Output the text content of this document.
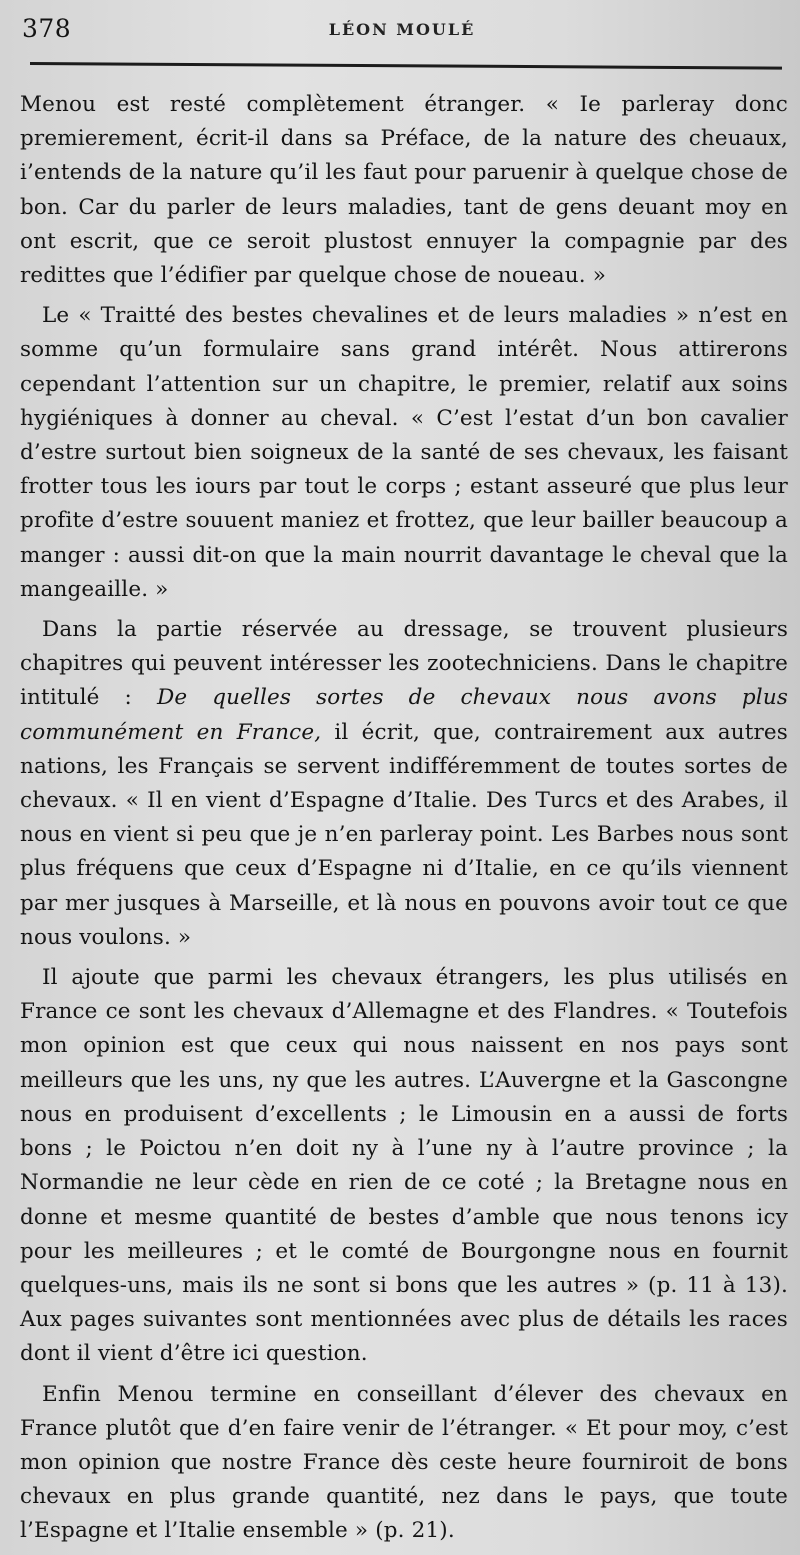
378	LÉON MOULÉ

Menou est resté complètement étranger. « Ie parleray donc premierement, écrit-il dans sa Préface, de la nature des cheuaux, i’entends de la nature qu’il les faut pour paruenir à quelque chose de bon. Car du parler de leurs maladies, tant de gens deuant moy en ont escrit, que ce seroit plustost ennuyer la compagnie par des redittes que l’édifier par quelque chose de noueau. »

Le « Traitté des bestes chevalines et de leurs maladies » n’est en somme qu’un formulaire sans grand intérêt. Nous attirerons cependant l’attention sur un chapitre, le premier, relatif aux soins hygiéniques à donner au cheval. « C’est l’estat d’un bon cavalier d’estre surtout bien soigneux de la santé de ses chevaux, les faisant frotter tous les iours par tout le corps ; estant asseuré que plus leur profite d’estre souuent maniez et frottez, que leur bailler beaucoup a manger : aussi dit-on que la main nourrit davantage le cheval que la mangeaille. »

Dans la partie réservée au dressage, se trouvent plusieurs chapitres qui peuvent intéresser les zootechniciens. Dans le chapitre intitulé : De quelles sortes de chevaux nous avons plus communément en France, il écrit, que, contrairement aux autres nations, les Français se servent indifféremment de toutes sortes de chevaux. « Il en vient d’Espagne d’Italie. Des Turcs et des Arabes, il nous en vient si peu que je n’en parleray point. Les Barbes nous sont plus fréquens que ceux d’Espagne ni d’Italie, en ce qu’ils viennent par mer jusques à Marseille, et là nous en pouvons avoir tout ce que nous voulons. »

Il ajoute que parmi les chevaux étrangers, les plus utilisés en France ce sont les chevaux d’Allemagne et des Flandres. « Toutefois mon opinion est que ceux qui nous naissent en nos pays sont meilleurs que les uns, ny que les autres. L’Auvergne et la Gascongne nous en produisent d’excellents ; le Limousin en a aussi de forts bons ; le Poictou n’en doit ny à l’une ny à l’autre province ; la Normandie ne leur cède en rien de ce coté ; la Bretagne nous en donne et mesme quantité de bestes d’amble que nous tenons icy pour les meilleures ; et le comté de Bourgongne nous en fournit quelques-uns, mais ils ne sont si bons que les autres » (p. 11 à 13). Aux pages suivantes sont mentionnées avec plus de détails les races dont il vient d’être ici question.

Enfin Menou termine en conseillant d’élever des chevaux en France plutôt que d’en faire venir de l’étranger. « Et pour moy, c’est mon opinion que nostre France dès ceste heure fourniroit de bons chevaux en plus grande quantité, nez dans le pays, que toute l’Espagne et l’Italie ensemble » (p. 21).
